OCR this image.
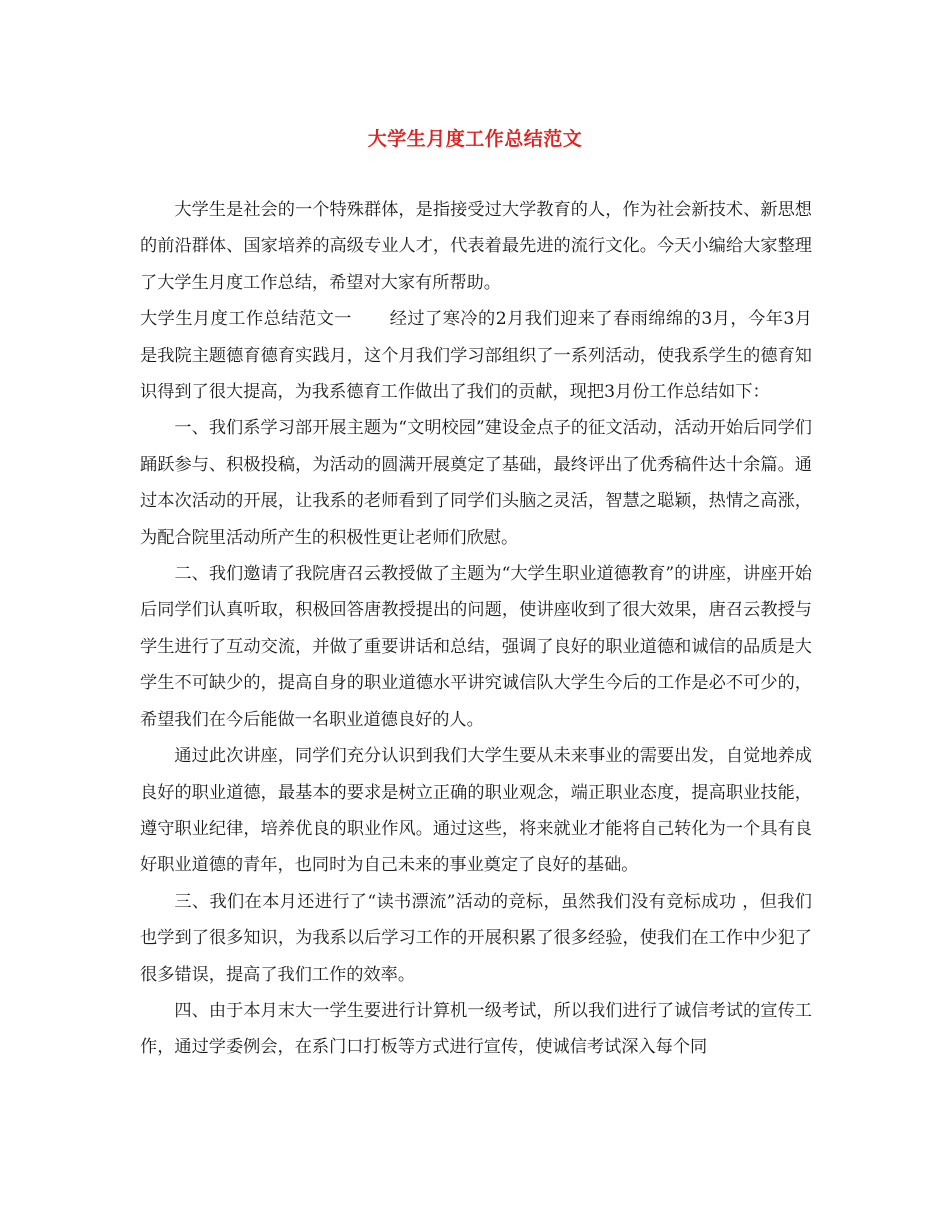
大学生月度工作总结范文

大学生是社会的一个特殊群体，是指接受过大学教育的人，作为社会新技术、新思想的前沿群体、国家培养的高级专业人才，代表着最先进的流行文化。今天小编给大家整理了大学生月度工作总结，希望对大家有所帮助。

大学生月度工作总结范文一 经过了寒冷的2月我们迎来了春雨绵绵的3月，今年3月是我院主题德育德育实践月，这个月我们学习部组织了一系列活动，使我系学生的德育知识得到了很大提高，为我系德育工作做出了我们的贡献，现把3月份工作总结如下：

一、我们系学习部开展主题为“文明校园”建设金点子的征文活动，活动开始后同学们踊跃参与、积极投稿，为活动的圆满开展奠定了基础，最终评出了优秀稿件达十余篇。通过本次活动的开展，让我系的老师看到了同学们头脑之灵活，智慧之聪颖，热情之高涨，为配合院里活动所产生的积极性更让老师们欣慰。

二、我们邀请了我院唐召云教授做了主题为“大学生职业道德教育”的讲座，讲座开始后同学们认真听取，积极回答唐教授提出的问题，使讲座收到了很大效果，唐召云教授与学生进行了互动交流，并做了重要讲话和总结，强调了良好的职业道德和诚信的品质是大学生不可缺少的，提高自身的职业道德水平讲究诚信队大学生今后的工作是必不可少的，希望我们在今后能做一名职业道德良好的人。

通过此次讲座，同学们充分认识到我们大学生要从未来事业的需要出发，自觉地养成良好的职业道德，最基本的要求是树立正确的职业观念，端正职业态度，提高职业技能，遵守职业纪律，培养优良的职业作风。通过这些，将来就业才能将自己转化为一个具有良好职业道德的青年，也同时为自己未来的事业奠定了良好的基础。

三、我们在本月还进行了“读书漂流”活动的竞标，虽然我们没有竞标成功 ，但我们也学到了很多知识，为我系以后学习工作的开展积累了很多经验，使我们在工作中少犯了很多错误，提高了我们工作的效率。

四、由于本月末大一学生要进行计算机一级考试，所以我们进行了诚信考试的宣传工作，通过学委例会，在系门口打板等方式进行宣传，使诚信考试深入每个同
